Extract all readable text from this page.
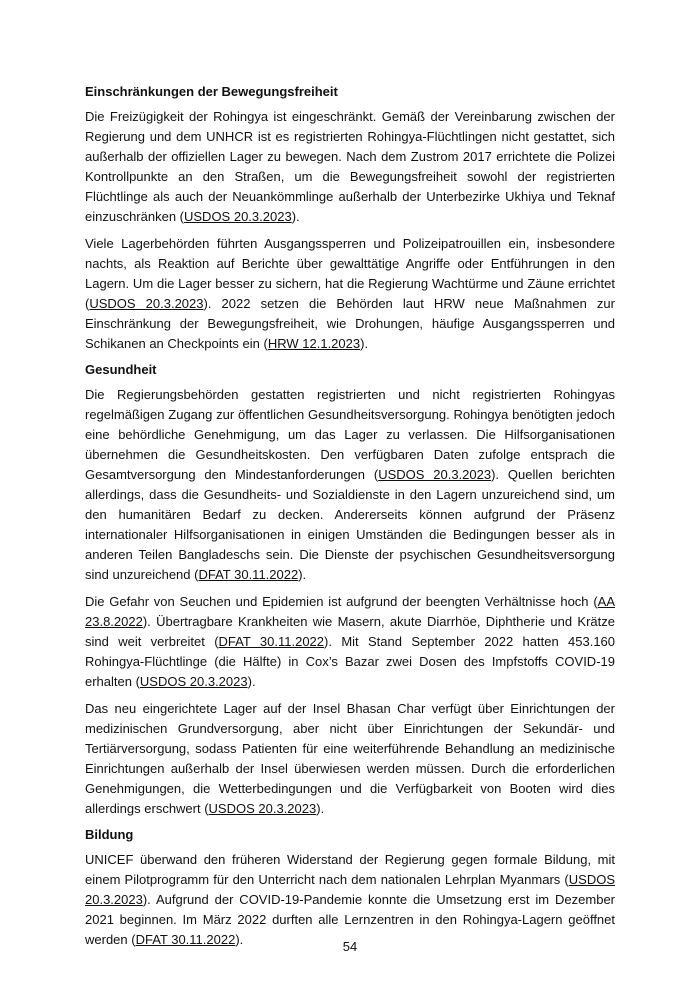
Einschränkungen der Bewegungsfreiheit

Die Freizügigkeit der Rohingya ist eingeschränkt. Gemäß der Vereinbarung zwischen der Regierung und dem UNHCR ist es registrierten Rohingya-Flüchtlingen nicht gestattet, sich außerhalb der offiziellen Lager zu bewegen. Nach dem Zustrom 2017 errichtete die Polizei Kontrollpunkte an den Straßen, um die Bewegungsfreiheit sowohl der registrierten Flüchtlinge als auch der Neuankömmlinge außerhalb der Unterbezirke Ukhiya und Teknaf einzuschränken (USDOS 20.3.2023).

Viele Lagerbehörden führten Ausgangssperren und Polizeipatrouillen ein, insbesondere nachts, als Reaktion auf Berichte über gewalttätige Angriffe oder Entführungen in den Lagern. Um die Lager besser zu sichern, hat die Regierung Wachtürme und Zäune errichtet (USDOS 20.3.2023). 2022 setzen die Behörden laut HRW neue Maßnahmen zur Einschränkung der Bewegungsfreiheit, wie Drohungen, häufige Ausgangssperren und Schikanen an Checkpoints ein (HRW 12.1.2023).

Gesundheit

Die Regierungsbehörden gestatten registrierten und nicht registrierten Rohingyas regelmäßigen Zugang zur öffentlichen Gesundheitsversorgung. Rohingya benötigten jedoch eine behördliche Genehmigung, um das Lager zu verlassen. Die Hilfsorganisationen übernehmen die Gesundheitskosten. Den verfügbaren Daten zufolge entsprach die Gesamtversorgung den Mindestanforderungen (USDOS 20.3.2023). Quellen berichten allerdings, dass die Gesundheits- und Sozialdienste in den Lagern unzureichend sind, um den humanitären Bedarf zu decken. Andererseits können aufgrund der Präsenz internationaler Hilfsorganisationen in einigen Umständen die Bedingungen besser als in anderen Teilen Bangladeschs sein. Die Dienste der psychischen Gesundheitsversorgung sind unzureichend (DFAT 30.11.2022).

Die Gefahr von Seuchen und Epidemien ist aufgrund der beengten Verhältnisse hoch (AA 23.8.2022). Übertragbare Krankheiten wie Masern, akute Diarrhöe, Diphtherie und Krätze sind weit verbreitet (DFAT 30.11.2022). Mit Stand September 2022 hatten 453.160 Rohingya-Flüchtlinge (die Hälfte) in Cox’s Bazar zwei Dosen des Impfstoffs COVID-19 erhalten (USDOS 20.3.2023).

Das neu eingerichtete Lager auf der Insel Bhasan Char verfügt über Einrichtungen der medizinischen Grundversorgung, aber nicht über Einrichtungen der Sekundär- und Tertiärversorgung, sodass Patienten für eine weiterführende Behandlung an medizinische Einrichtungen außerhalb der Insel überwiesen werden müssen. Durch die erforderlichen Genehmigungen, die Wetterbedingungen und die Verfügbarkeit von Booten wird dies allerdings erschwert (USDOS 20.3.2023).

Bildung

UNICEF überwand den früheren Widerstand der Regierung gegen formale Bildung, mit einem Pilotprogramm für den Unterricht nach dem nationalen Lehrplan Myanmars (USDOS 20.3.2023). Aufgrund der COVID-19-Pandemie konnte die Umsetzung erst im Dezember 2021 beginnen. Im März 2022 durften alle Lernzentren in den Rohingya-Lagern geöffnet werden (DFAT 30.11.2022).	54
